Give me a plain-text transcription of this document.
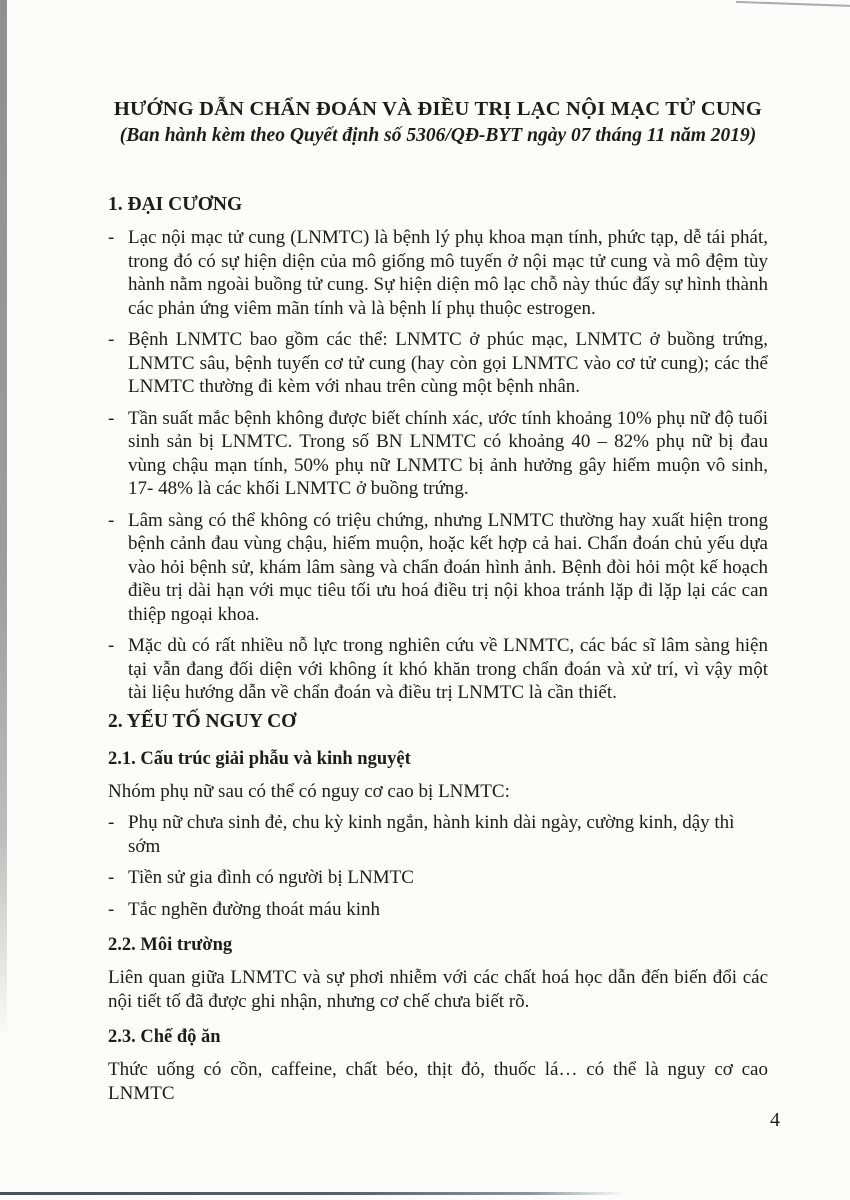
HƯỚNG DẪN CHẨN ĐOÁN VÀ ĐIỀU TRỊ LẠC NỘI MẠC TỬ CUNG

(Ban hành kèm theo Quyết định số 5306/QĐ-BYT ngày 07 tháng 11 năm 2019)

1. ĐẠI CƯƠNG
- Lạc nội mạc tử cung (LNMTC) là bệnh lý phụ khoa mạn tính, phức tạp, dễ tái phát, trong đó có sự hiện diện của mô giống mô tuyến ở nội mạc tử cung và mô đệm tùy hành nằm ngoài buồng tử cung. Sự hiện diện mô lạc chỗ này thúc đẩy sự hình thành các phản ứng viêm mãn tính và là bệnh lí phụ thuộc estrogen.
- Bệnh LNMTC bao gồm các thể: LNMTC ở phúc mạc, LNMTC ở buồng trứng, LNMTC sâu, bệnh tuyến cơ tử cung (hay còn gọi LNMTC vào cơ tử cung); các thể LNMTC thường đi kèm với nhau trên cùng một bệnh nhân.
- Tần suất mắc bệnh không được biết chính xác, ước tính khoảng 10% phụ nữ độ tuổi sinh sản bị LNMTC. Trong số BN LNMTC có khoảng 40 – 82% phụ nữ bị đau vùng chậu mạn tính, 50% phụ nữ LNMTC bị ảnh hưởng gây hiếm muộn vô sinh, 17- 48% là các khối LNMTC ở buồng trứng.
- Lâm sàng có thể không có triệu chứng, nhưng LNMTC thường hay xuất hiện trong bệnh cảnh đau vùng chậu, hiếm muộn, hoặc kết hợp cả hai. Chẩn đoán chủ yếu dựa vào hỏi bệnh sử, khám lâm sàng và chẩn đoán hình ảnh. Bệnh đòi hỏi một kế hoạch điều trị dài hạn với mục tiêu tối ưu hoá điều trị nội khoa tránh lặp đi lặp lại các can thiệp ngoại khoa.
- Mặc dù có rất nhiều nỗ lực trong nghiên cứu về LNMTC, các bác sĩ lâm sàng hiện tại vẫn đang đối diện với không ít khó khăn trong chẩn đoán và xử trí, vì vậy một tài liệu hướng dẫn về chẩn đoán và điều trị LNMTC là cần thiết.
2. YẾU TỐ NGUY CƠ
2.1. Cấu trúc giải phẫu và kinh nguyệt

Nhóm phụ nữ sau có thể có nguy cơ cao bị LNMTC:

- Phụ nữ chưa sinh đẻ, chu kỳ kinh ngắn, hành kinh dài ngày, cường kinh, dậy thì sớm
- Tiền sử gia đình có người bị LNMTC
- Tắc nghẽn đường thoát máu kinh
2.2. Môi trường

Liên quan giữa LNMTC và sự phơi nhiễm với các chất hoá học dẫn đến biến đổi các nội tiết tố đã được ghi nhận, nhưng cơ chế chưa biết rõ.

2.3. Chế độ ăn

Thức uống có cồn, caffeine, chất béo, thịt đỏ, thuốc lá… có thể là nguy cơ cao LNMTC

4
